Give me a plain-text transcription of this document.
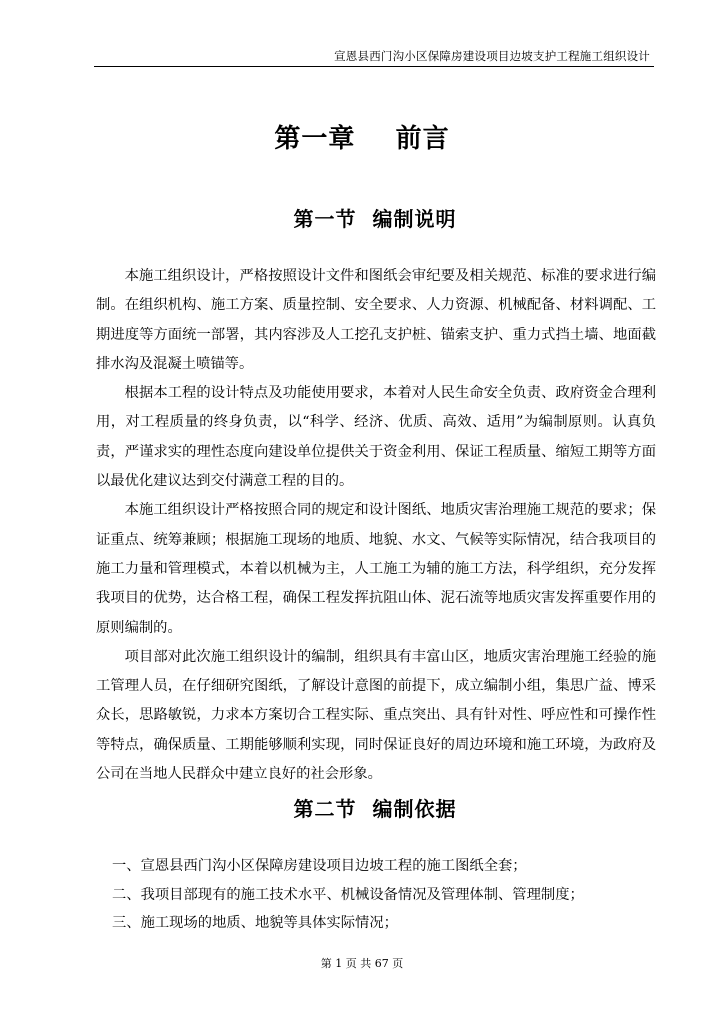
宣恩县西门沟小区保障房建设项目边坡支护工程施工组织设计
第一章    前言
第一节  编制说明

本施工组织设计，严格按照设计文件和图纸会审纪要及相关规范、标准的要求进行编制。在组织机构、施工方案、质量控制、安全要求、人力资源、机械配备、材料调配、工期进度等方面统一部署，其内容涉及人工挖孔支护桩、锚索支护、重力式挡土墙、地面截排水沟及混凝土喷锚等。

根据本工程的设计特点及功能使用要求，本着对人民生命安全负责、政府资金合理利用，对工程质量的终身负责，以“科学、经济、优质、高效、适用”为编制原则。认真负责，严谨求实的理性态度向建设单位提供关于资金利用、保证工程质量、缩短工期等方面以最优化建议达到交付满意工程的目的。

本施工组织设计严格按照合同的规定和设计图纸、地质灾害治理施工规范的要求；保证重点、统筹兼顾；根据施工现场的地质、地貌、水文、气候等实际情况，结合我项目的施工力量和管理模式，本着以机械为主，人工施工为辅的施工方法，科学组织，充分发挥我项目的优势，达合格工程，确保工程发挥抗阻山体、泥石流等地质灾害发挥重要作用的原则编制的。

项目部对此次施工组织设计的编制，组织具有丰富山区，地质灾害治理施工经验的施工管理人员，在仔细研究图纸，了解设计意图的前提下，成立编制小组，集思广益、博采众长，思路敏锐，力求本方案切合工程实际、重点突出、具有针对性、呼应性和可操作性等特点，确保质量、工期能够顺利实现，同时保证良好的周边环境和施工环境，为政府及公司在当地人民群众中建立良好的社会形象。

第二节  编制依据
一、宣恩县西门沟小区保障房建设项目边坡工程的施工图纸全套；
二、我项目部现有的施工技术水平、机械设备情况及管理体制、管理制度；
三、施工现场的地质、地貌等具体实际情况；
第 1 页 共 67 页
